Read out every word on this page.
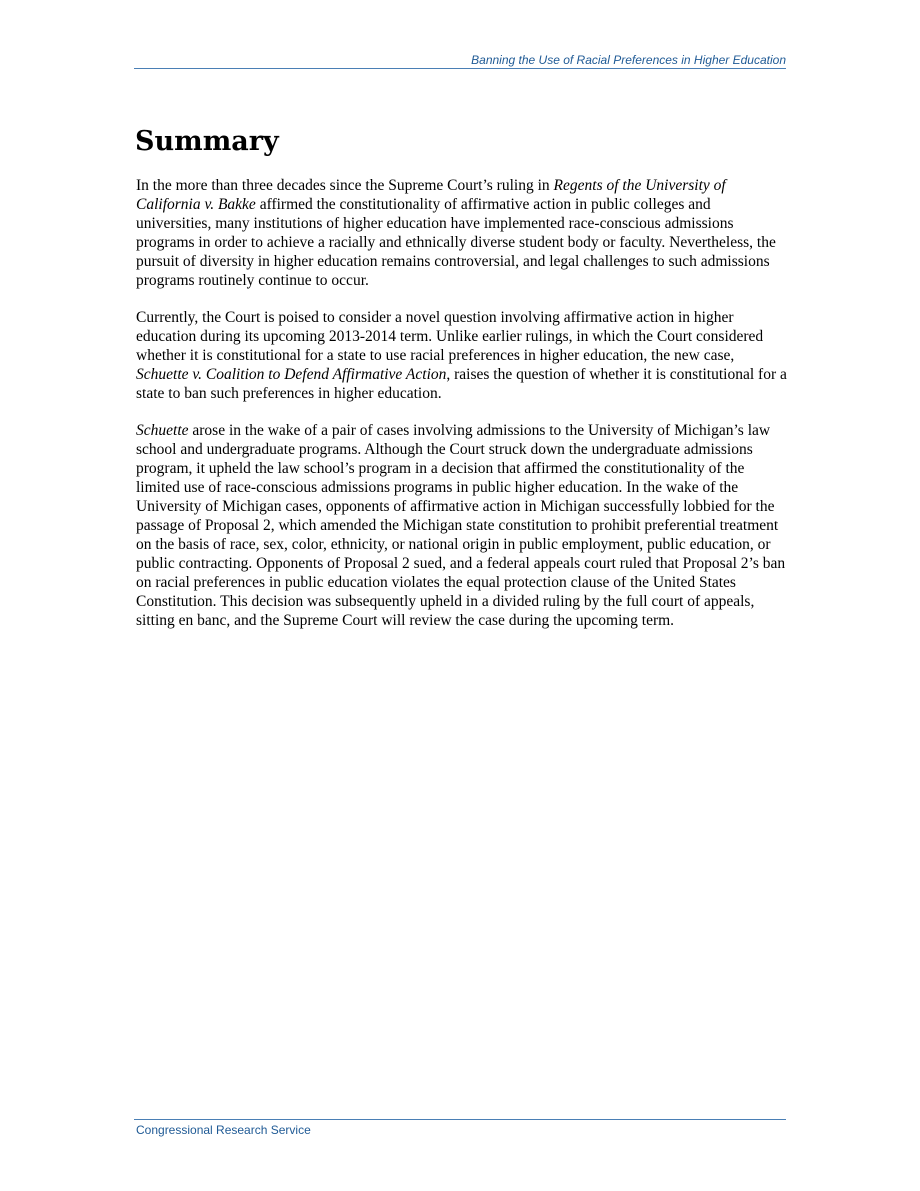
Banning the Use of Racial Preferences in Higher Education
Summary

In the more than three decades since the Supreme Court’s ruling in Regents of the University of California v. Bakke affirmed the constitutionality of affirmative action in public colleges and universities, many institutions of higher education have implemented race-conscious admissions programs in order to achieve a racially and ethnically diverse student body or faculty. Nevertheless, the pursuit of diversity in higher education remains controversial, and legal challenges to such admissions programs routinely continue to occur.

Currently, the Court is poised to consider a novel question involving affirmative action in higher education during its upcoming 2013-2014 term. Unlike earlier rulings, in which the Court considered whether it is constitutional for a state to use racial preferences in higher education, the new case, Schuette v. Coalition to Defend Affirmative Action, raises the question of whether it is constitutional for a state to ban such preferences in higher education.

Schuette arose in the wake of a pair of cases involving admissions to the University of Michigan’s law school and undergraduate programs. Although the Court struck down the undergraduate admissions program, it upheld the law school’s program in a decision that affirmed the constitutionality of the limited use of race-conscious admissions programs in public higher education. In the wake of the University of Michigan cases, opponents of affirmative action in Michigan successfully lobbied for the passage of Proposal 2, which amended the Michigan state constitution to prohibit preferential treatment on the basis of race, sex, color, ethnicity, or national origin in public employment, public education, or public contracting. Opponents of Proposal 2 sued, and a federal appeals court ruled that Proposal 2’s ban on racial preferences in public education violates the equal protection clause of the United States Constitution. This decision was subsequently upheld in a divided ruling by the full court of appeals, sitting en banc, and the Supreme Court will review the case during the upcoming term.

Congressional Research Service
